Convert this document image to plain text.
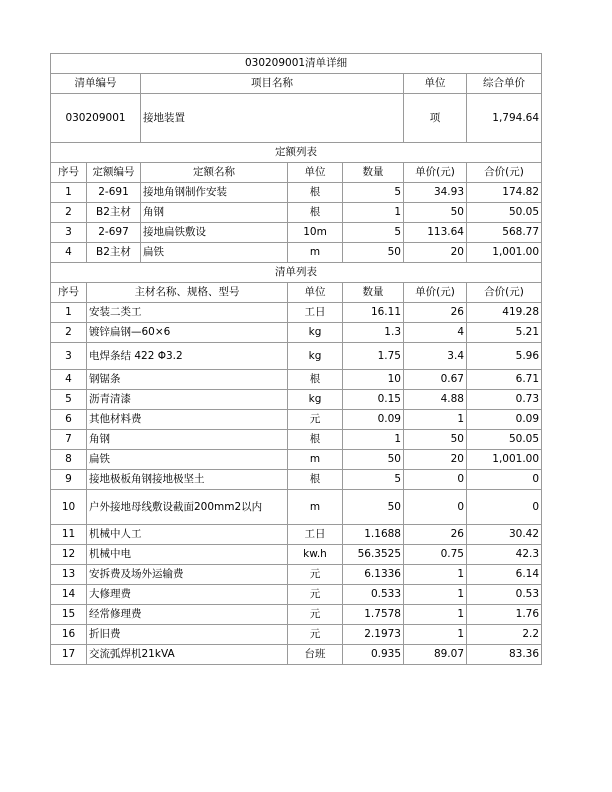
030209001清单详细						
清单编号		项目名称			单位	综合单价
030209001		接地装置			项	1,794.64
定额列表						
序号	定额编号	定额名称	单位	数量	单价(元)	合价(元)
1	2-691	接地角钢制作安装	根	5	34.93	174.82
2	B2主材	角钢	根	1	50	50.05
3	2-697	接地扁铁敷设	10m	5	113.64	568.77
4	B2主材	扁铁	m	50	20	1,001.00
清单列表						
序号	主材名称、规格、型号		单位	数量	单价(元)	合价(元)
1	安装二类工		工日	16.11	26	419.28
2	镀锌扁钢—60×6		kg	1.3	4	5.21
3	电焊条结 422 Φ3.2		kg	1.75	3.4	5.96
4	钢锯条		根	10	0.67	6.71
5	沥青清漆		kg	0.15	4.88	0.73
6	其他材料费		元	0.09	1	0.09
7	角钢		根	1	50	50.05
8	扁铁		m	50	20	1,001.00
9	接地极板角钢接地极坚土		根	5	0	0
10	户外接地母线敷设截面200mm2以内		m	50	0	0
11	机械中人工		工日	1.1688	26	30.42
12	机械中电		kw.h	56.3525	0.75	42.3
13	安拆费及场外运输费		元	6.1336	1	6.14
14	大修理费		元	0.533	1	0.53
15	经常修理费		元	1.7578	1	1.76
16	折旧费		元	2.1973	1	2.2
17	交流弧焊机21kVA		台班	0.935	89.07	83.36
